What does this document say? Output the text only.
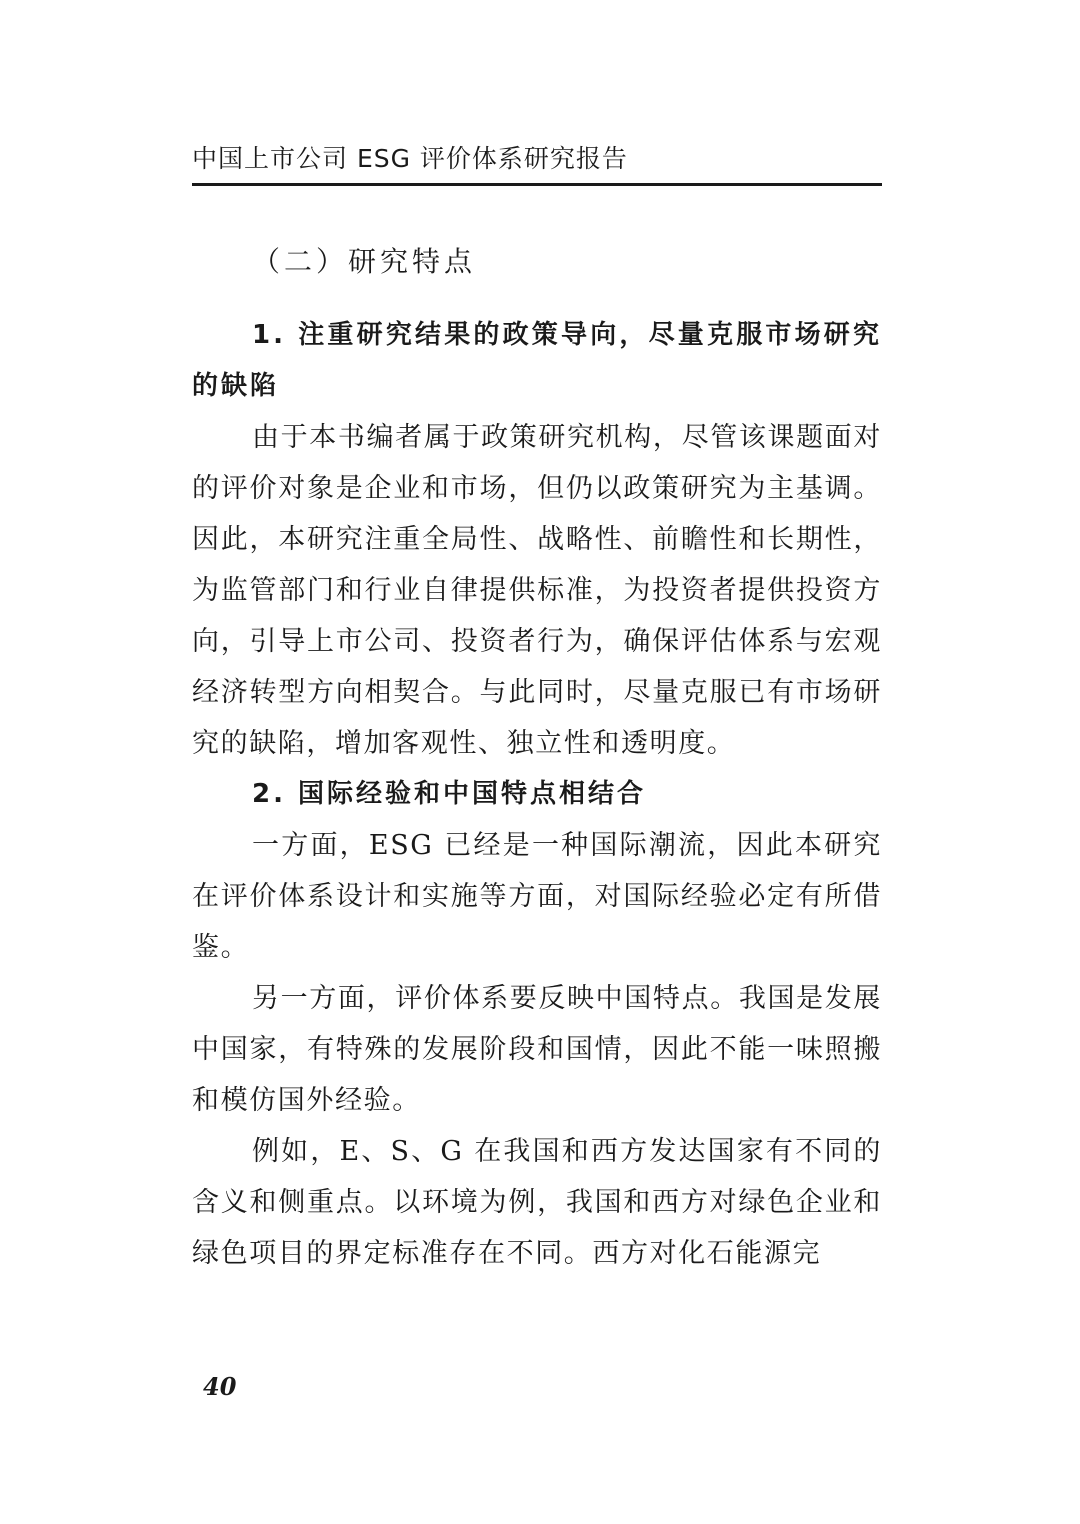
中国上市公司 ESG 评价体系研究报告
（二）研究特点

1. 注重研究结果的政策导向，尽量克服市场研究的缺陷

由于本书编者属于政策研究机构，尽管该课题面对的评价对象是企业和市场，但仍以政策研究为主基调。因此，本研究注重全局性、战略性、前瞻性和长期性，为监管部门和行业自律提供标准，为投资者提供投资方向，引导上市公司、投资者行为，确保评估体系与宏观经济转型方向相契合。与此同时，尽量克服已有市场研究的缺陷，增加客观性、独立性和透明度。

2. 国际经验和中国特点相结合

一方面，ESG 已经是一种国际潮流，因此本研究在评价体系设计和实施等方面，对国际经验必定有所借鉴。

另一方面，评价体系要反映中国特点。我国是发展中国家，有特殊的发展阶段和国情，因此不能一味照搬和模仿国外经验。

例如，E、S、G 在我国和西方发达国家有不同的含义和侧重点。以环境为例，我国和西方对绿色企业和绿色项目的界定标准存在不同。西方对化石能源完

40
